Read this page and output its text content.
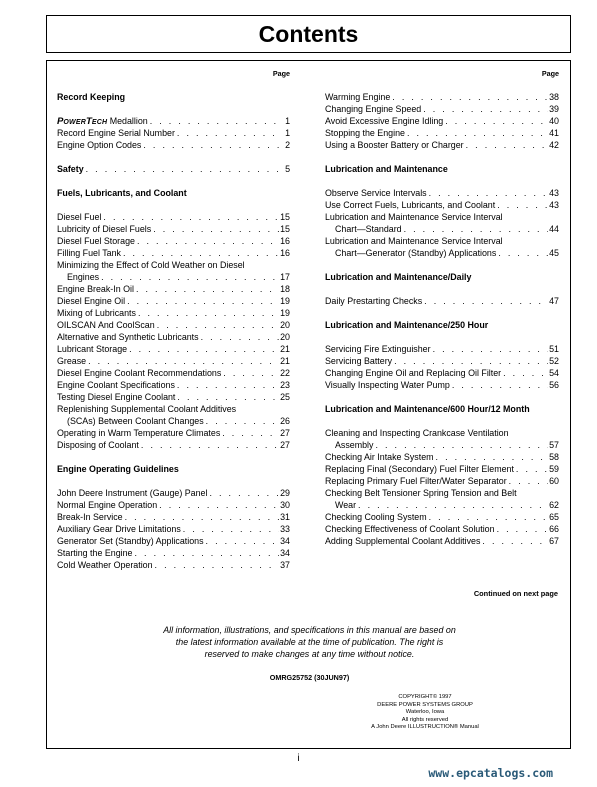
Contents
Page
Record Keeping
POWERTECH Medallion . . .	1
Record Engine Serial Number . . .	1
Engine Option Codes . . .	2
Safety . . .	5
Fuels, Lubricants, and Coolant
Diesel Fuel . . .	15
Lubricity of Diesel Fuels . . .	15
Diesel Fuel Storage . . .	16
Filling Fuel Tank . . .	16
Minimizing the Effect of Cold Weather on Diesel
Engines . . .	17
Engine Break-In Oil . . .	18
Diesel Engine Oil . . .	19
Mixing of Lubricants . . .	19
OILSCAN And CoolScan . . .	20
Alternative and Synthetic Lubricants . . .	20
Lubricant Storage . . .	21
Grease . . .	21
Diesel Engine Coolant Recommendations . . .	22
Engine Coolant Specifications . . .	23
Testing Diesel Engine Coolant . . .	25
Replenishing Supplemental Coolant Additives
(SCAs) Between Coolant Changes . . .	26
Operating in Warm Temperature Climates . . .	27
Disposing of Coolant . . .	27
Engine Operating Guidelines
John Deere Instrument (Gauge) Panel . . .	29
Normal Engine Operation . . .	30
Break-In Service . . .	31
Auxiliary Gear Drive Limitations . . .	33
Generator Set (Standby) Applications . . .	34
Starting the Engine . . .	34
Cold Weather Operation . . .	37
Page
Warming Engine . . .	38
Changing Engine Speed . . .	39
Avoid Excessive Engine Idling . . .	40
Stopping the Engine . . .	41
Using a Booster Battery or Charger . . .	42
Lubrication and Maintenance
Observe Service Intervals . . .	43
Use Correct Fuels, Lubricants, and Coolant . . .	43
Lubrication and Maintenance Service Interval
Chart—Standard . . .	44
Lubrication and Maintenance Service Interval
Chart—Generator (Standby) Applications . . .	45
Lubrication and Maintenance/Daily
Daily Prestarting Checks . . .	47
Lubrication and Maintenance/250 Hour
Servicing Fire Extinguisher . . .	51
Servicing Battery . . .	52
Changing Engine Oil and Replacing Oil Filter . . .	54
Visually Inspecting Water Pump . . .	56
Lubrication and Maintenance/600 Hour/12 Month
Cleaning and Inspecting Crankcase Ventilation
Assembly . . .	57
Checking Air Intake System . . .	58
Replacing Final (Secondary) Fuel Filter Element . . .	59
Replacing Primary Fuel Filter/Water Separator . . .	60
Checking Belt Tensioner Spring Tension and Belt
Wear . . .	62
Checking Cooling System . . .	65
Checking Effectiveness of Coolant Solution . . .	66
Adding Supplemental Coolant Additives . . .	67
Continued on next page
All information, illustrations, and specifications in this manual are based on
the latest information available at the time of publication. The right is
reserved to make changes at any time without notice.
OMRG25752 (30JUN97)
COPYRIGHT© 1997
DEERE POWER SYSTEMS GROUP
Waterloo, Iowa
All rights reserved
A John Deere ILLUSTRUCTION® Manual
i
www.epcatalogs.com
